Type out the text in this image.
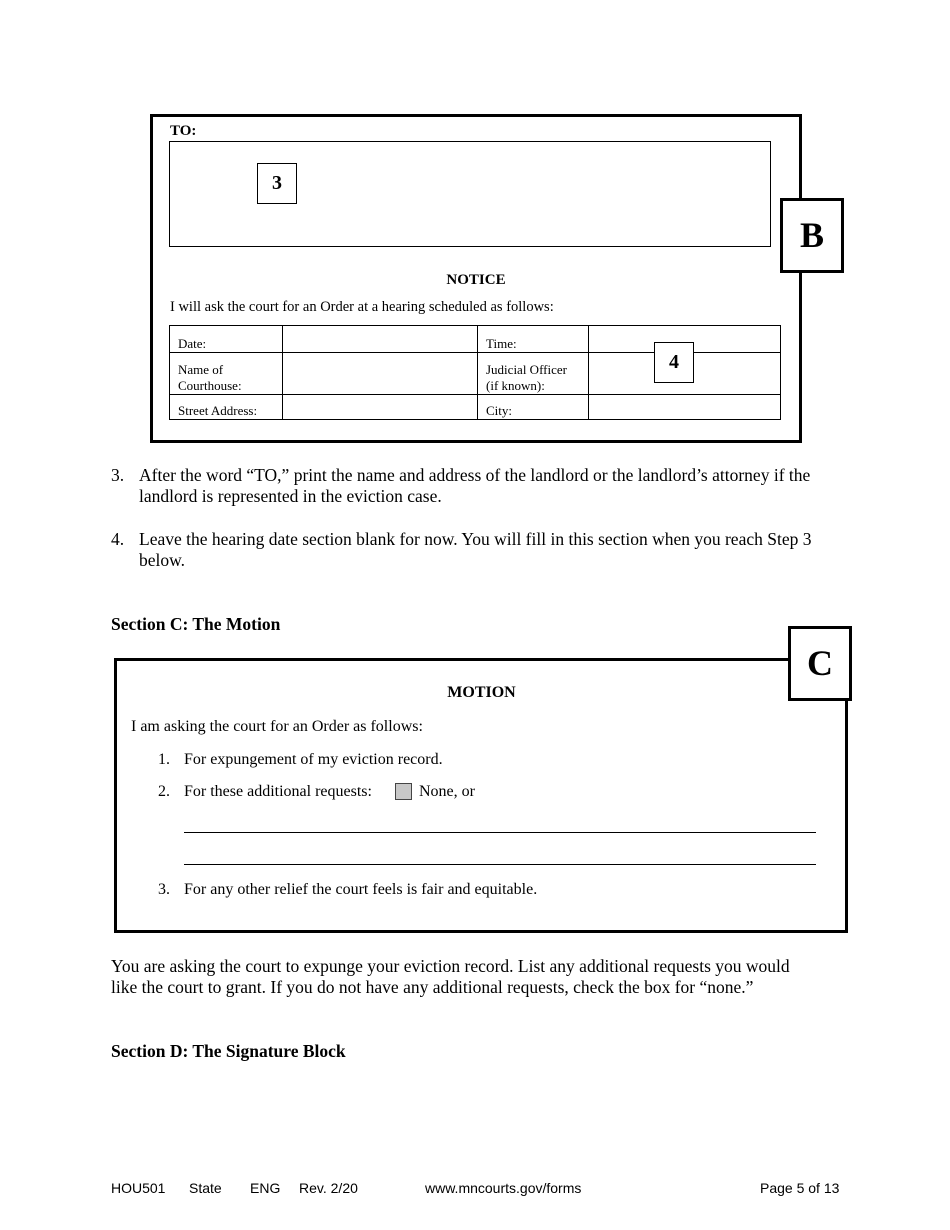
TO:
3
B
NOTICE
I will ask the court for an Order at a hearing scheduled as follows:
Date:		Time:	
Name of Courthouse:		Judicial Officer (if known):	
Street Address:		City:	
4
3. After the word “TO,” print the name and address of the landlord or the landlord’s attorney if the landlord is represented in the eviction case.
4. Leave the hearing date section blank for now. You will fill in this section when you reach Step 3 below.
Section C: The Motion
C
MOTION
I am asking the court for an Order as follows:
1. For expungement of my eviction record.
2. For these additional requests:	None, or
3. For any other relief the court feels is fair and equitable.
You are asking the court to expunge your eviction record. List any additional requests you would like the court to grant. If you do not have any additional requests, check the box for “none.”
Section D: The Signature Block
HOU501 State ENG Rev. 2/20	www.mncourts.gov/forms	Page 5 of 13
